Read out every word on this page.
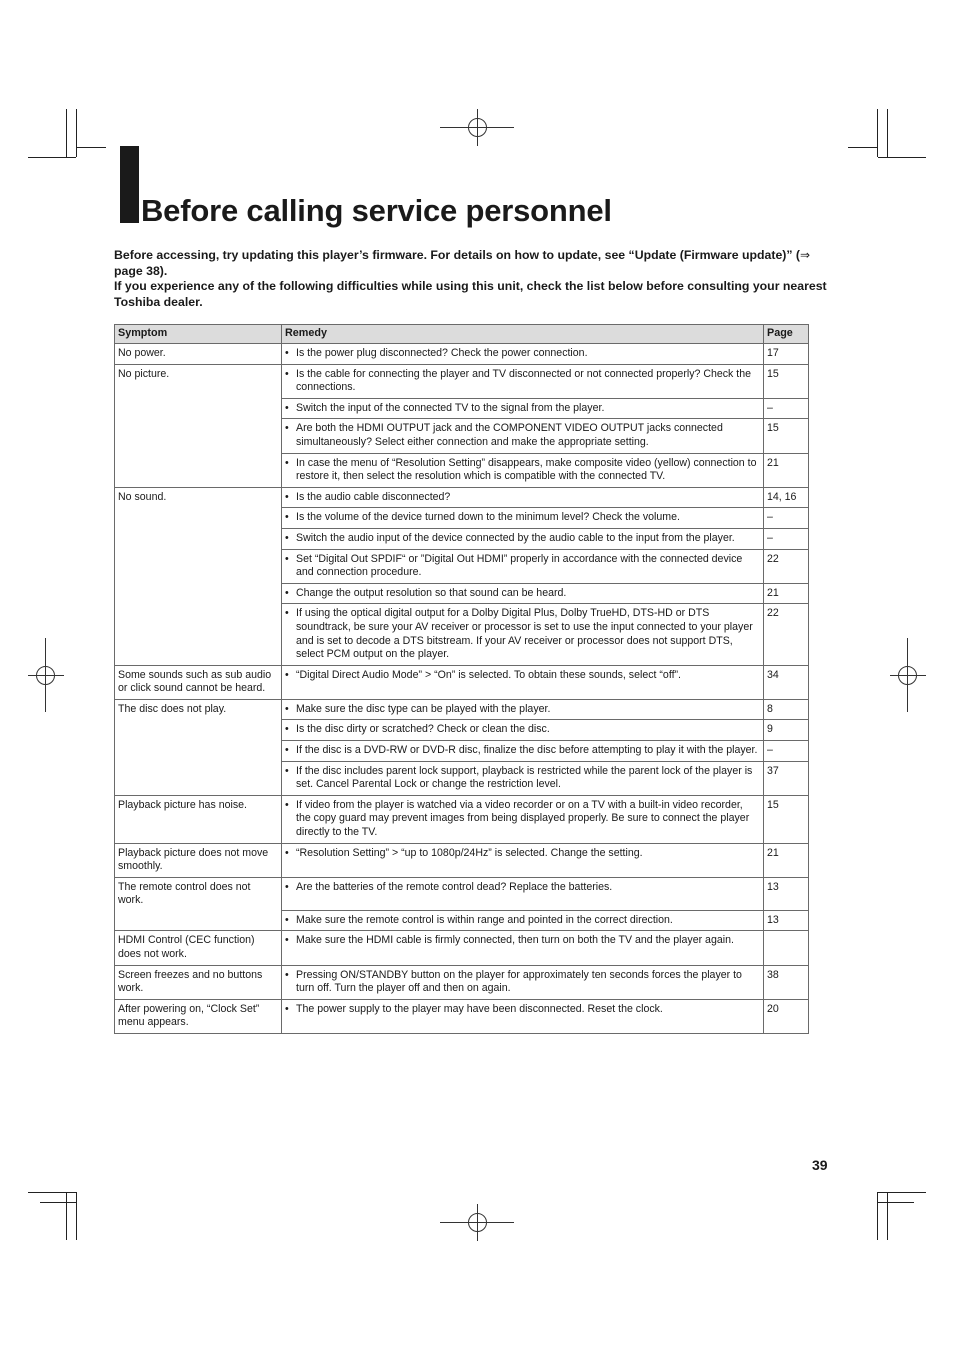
Before calling service personnel
Before accessing, try updating this player’s firmware. For details on how to update, see “Update (Firmware update)” (⇒ page 38).
If you experience any of the following difficulties while using this unit, check the list below before consulting your nearest Toshiba dealer.
Symptom	Remedy	Page
No power.	• Is the power plug disconnected? Check the power connection.	17
No picture.	• Is the cable for connecting the player and TV disconnected or not connected properly? Check the connections.	15

	• Switch the input of the connected TV to the signal from the player.	–

	• Are both the HDMI OUTPUT jack and the COMPONENT VIDEO OUTPUT jacks connected simultaneously? Select either connection and make the appropriate setting.	15

	• In case the menu of “Resolution Setting” disappears, make composite video (yellow) connection to restore it, then select the resolution which is compatible with the connected TV.	21
No sound.	• Is the audio cable disconnected?	14, 16

	• Is the volume of the device turned down to the minimum level? Check the volume.	–

	• Switch the audio input of the device connected by the audio cable to the input from the player.	–

	• Set “Digital Out SPDIF“ or ”Digital Out HDMI” properly in accordance with the connected device and connection procedure.	22

	• Change the output resolution so that sound can be heard.	21

	• If using the optical digital output for a Dolby Digital Plus, Dolby TrueHD, DTS-HD or DTS soundtrack, be sure your AV receiver or processor is set to use the input connected to your player and is set to decode a DTS bitstream. If your AV receiver or processor does not support DTS, select PCM output on the player.	22
Some sounds such as sub audio or click sound cannot be heard.	• “Digital Direct Audio Mode” > “On” is selected. To obtain these sounds, select “off”.	34
The disc does not play.	• Make sure the disc type can be played with the player.	8

	• Is the disc dirty or scratched? Check or clean the disc.	9

	• If the disc is a DVD-RW or DVD-R disc, finalize the disc before attempting to play it with the player.	–

	• If the disc includes parent lock support, playback is restricted while the parent lock of the player is set. Cancel Parental Lock or change the restriction level.	37
Playback picture has noise.	• If video from the player is watched via a video recorder or on a TV with a built-in video recorder, the copy guard may prevent images from being displayed properly. Be sure to connect the player directly to the TV.	15
Playback picture does not move smoothly.	• “Resolution Setting” > “up to 1080p/24Hz” is selected. Change the setting.	21
The remote control does not work.	• Are the batteries of the remote control dead? Replace the batteries.	13

	• Make sure the remote control is within range and pointed in the correct direction.	13
HDMI Control (CEC function) does not work.	• Make sure the HDMI cable is firmly connected, then turn on both the TV and the player again.

Screen freezes and no buttons work.	• Pressing ON/STANDBY button on the player for approximately ten seconds forces the player to turn off. Turn the player off and then on again.	38
After powering on, “Clock Set” menu appears.	• The power supply to the player may have been disconnected. Reset the clock.	20
39
